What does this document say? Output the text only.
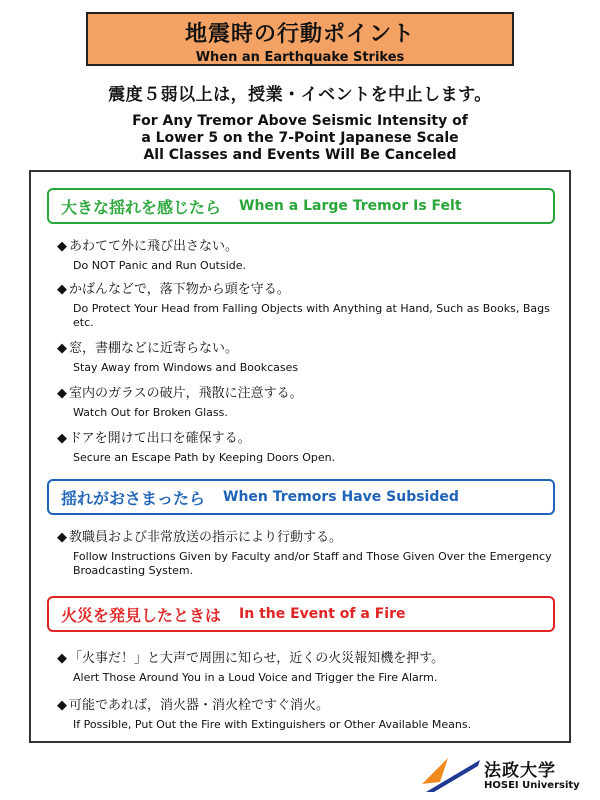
地震時の行動ポイント
When an Earthquake Strikes
震度５弱以上は，授業・イベントを中止します。
For Any Tremor Above Seismic Intensity of
a Lower 5 on the 7-Point Japanese Scale
All Classes and Events Will Be Canceled
大きな揺れを感じたら When a Large Tremor Is Felt
◆ あわてて外に飛び出さない。
Do NOT Panic and Run Outside.
◆ かばんなどで，落下物から頭を守る。
Do Protect Your Head from Falling Objects with Anything at Hand, Such as Books, Bags etc.
◆ 窓，書棚などに近寄らない。
Stay Away from Windows and Bookcases
◆ 室内のガラスの破片，飛散に注意する。
Watch Out for Broken Glass.
◆ ドアを開けて出口を確保する。
Secure an Escape Path by Keeping Doors Open.
揺れがおさまったら When Tremors Have Subsided
◆ 教職員および非常放送の指示により行動する。
Follow Instructions Given by Faculty and/or Staff and Those Given Over the Emergency Broadcasting System.
火災を発見したときは In the Event of a Fire
◆ 「火事だ！」と大声で周囲に知らせ，近くの火災報知機を押す。
Alert Those Around You in a Loud Voice and Trigger the Fire Alarm.
◆ 可能であれば，消火器・消火栓ですぐ消火。
If Possible, Put Out the Fire with Extinguishers or Other Available Means.
法政大学
HOSEI University
